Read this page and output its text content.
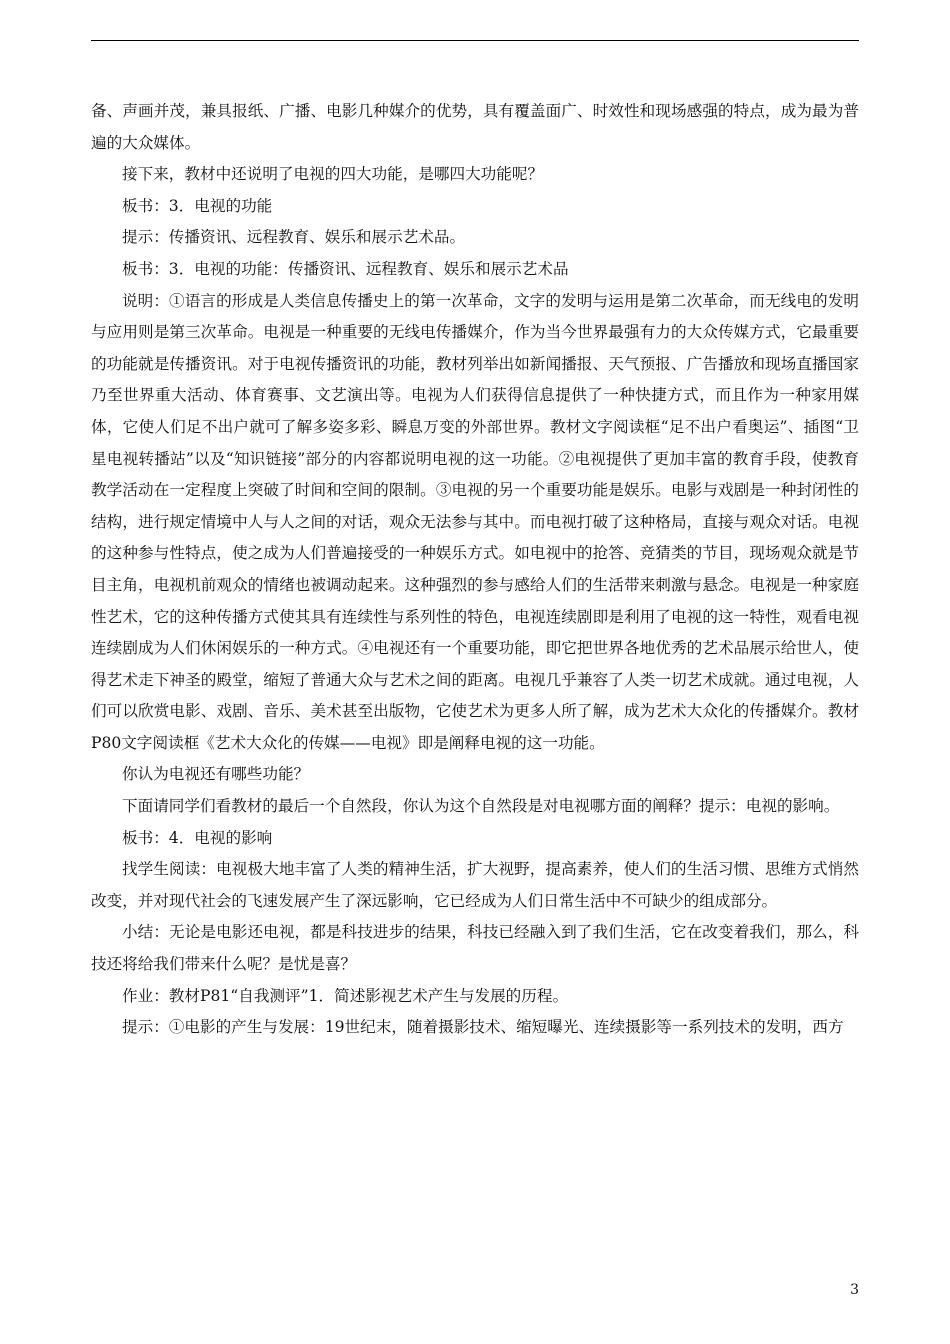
备、声画并茂，兼具报纸、广播、电影几种媒介的优势，具有覆盖面广、时效性和现场感强的特点，成为最为普遍的大众媒体。

接下来，教材中还说明了电视的四大功能，是哪四大功能呢？

板书：3．电视的功能

提示：传播资讯、远程教育、娱乐和展示艺术品。

板书：3．电视的功能：传播资讯、远程教育、娱乐和展示艺术品

说明：①语言的形成是人类信息传播史上的第一次革命，文字的发明与运用是第二次革命，而无线电的发明与应用则是第三次革命。电视是一种重要的无线电传播媒介，作为当今世界最强有力的大众传媒方式，它最重要的功能就是传播资讯。对于电视传播资讯的功能，教材列举出如新闻播报、天气预报、广告播放和现场直播国家乃至世界重大活动、体育赛事、文艺演出等。电视为人们获得信息提供了一种快捷方式，而且作为一种家用媒体，它使人们足不出户就可了解多姿多彩、瞬息万变的外部世界。教材文字阅读框“足不出户看奥运”、插图“卫星电视转播站”以及“知识链接”部分的内容都说明电视的这一功能。②电视提供了更加丰富的教育手段，使教育教学活动在一定程度上突破了时间和空间的限制。③电视的另一个重要功能是娱乐。电影与戏剧是一种封闭性的结构，进行规定情境中人与人之间的对话，观众无法参与其中。而电视打破了这种格局，直接与观众对话。电视的这种参与性特点，使之成为人们普遍接受的一种娱乐方式。如电视中的抢答、竞猜类的节目，现场观众就是节目主角，电视机前观众的情绪也被调动起来。这种强烈的参与感给人们的生活带来刺激与悬念。电视是一种家庭性艺术，它的这种传播方式使其具有连续性与系列性的特色，电视连续剧即是利用了电视的这一特性，观看电视连续剧成为人们休闲娱乐的一种方式。④电视还有一个重要功能，即它把世界各地优秀的艺术品展示给世人，使得艺术走下神圣的殿堂，缩短了普通大众与艺术之间的距离。电视几乎兼容了人类一切艺术成就。通过电视，人们可以欣赏电影、戏剧、音乐、美术甚至出版物，它使艺术为更多人所了解，成为艺术大众化的传播媒介。教材P80文字阅读框《艺术大众化的传媒——电视》即是阐释电视的这一功能。

你认为电视还有哪些功能？

下面请同学们看教材的最后一个自然段，你认为这个自然段是对电视哪方面的阐释？提示：电视的影响。

板书：4．电视的影响

找学生阅读：电视极大地丰富了人类的精神生活，扩大视野，提高素养，使人们的生活习惯、思维方式悄然改变，并对现代社会的飞速发展产生了深远影响，它已经成为人们日常生活中不可缺少的组成部分。

小结：无论是电影还电视，都是科技进步的结果，科技已经融入到了我们生活，它在改变着我们，那么，科技还将给我们带来什么呢？是忧是喜？

作业：教材P81“自我测评”1．简述影视艺术产生与发展的历程。

提示：①电影的产生与发展：19世纪末，随着摄影技术、缩短曝光、连续摄影等一系列技术的发明，西方

3
